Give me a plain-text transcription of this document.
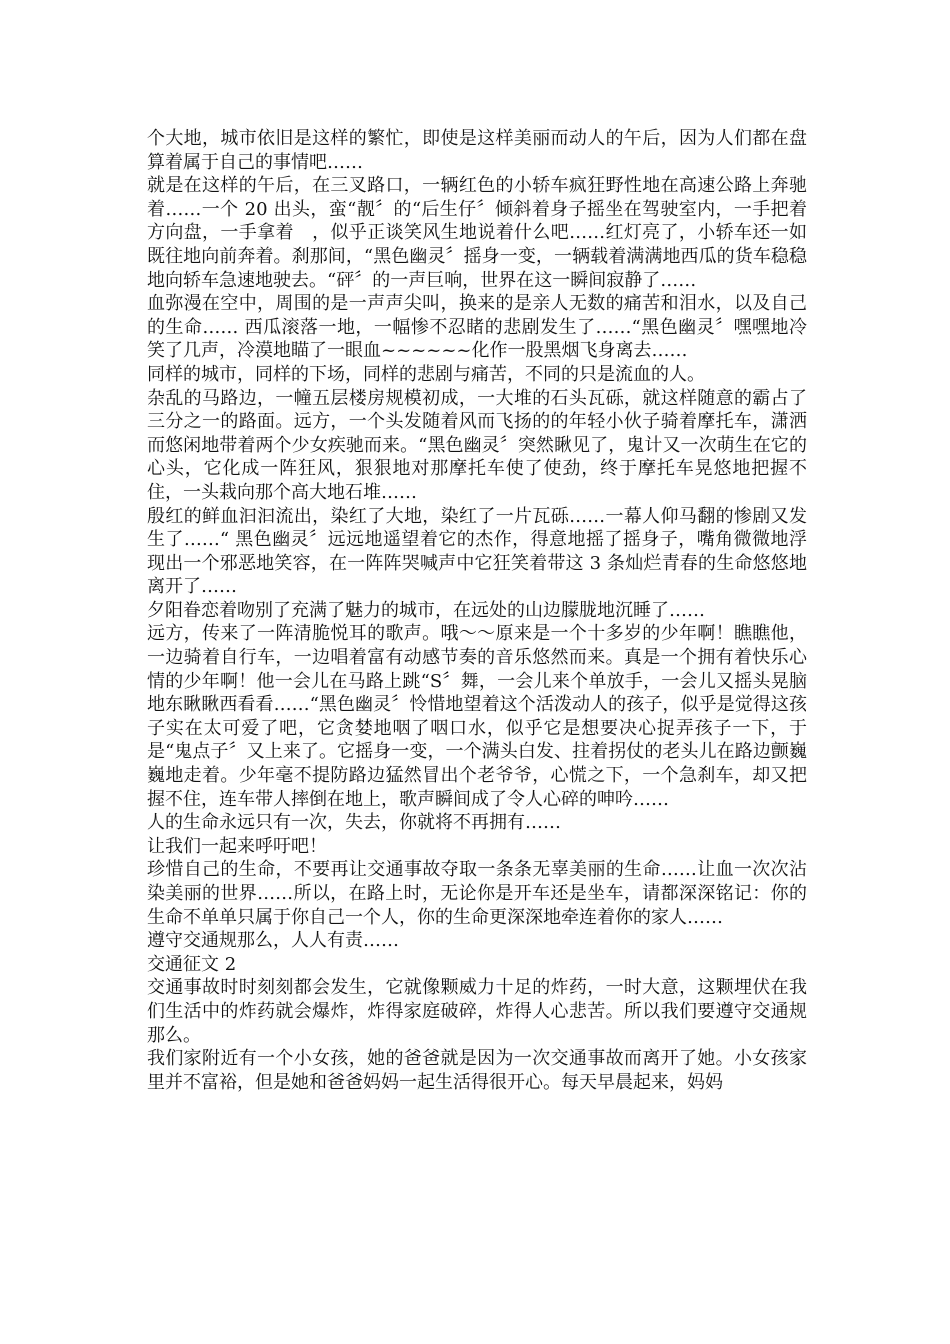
个大地，城市依旧是这样的繁忙，即使是这样美丽而动人的午后，因为人们都在盘算着属于自己的事情吧……

就是在这样的午后，在三叉路口，一辆红色的小轿车疯狂野性地在高速公路上奔驰着……一个 20 出头，蛮“靓〞的“后生仔〞倾斜着身子摇坐在驾驶室内，一手把着方向盘，一手拿着　，似乎正谈笑风生地说着什么吧……红灯亮了，小轿车还一如既往地向前奔着。刹那间，“黑色幽灵〞摇身一变，一辆载着满满地西瓜的货车稳稳地向轿车急速地驶去。“砰〞的一声巨响，世界在这一瞬间寂静了……

血弥漫在空中，周围的是一声声尖叫，换来的是亲人无数的痛苦和泪水，以及自己的生命…… 西瓜滚落一地，一幅惨不忍睹的悲剧发生了……“黑色幽灵〞嘿嘿地冷笑了几声，冷漠地瞄了一眼血~~~~~~化作一股黑烟飞身离去……

同样的城市，同样的下场，同样的悲剧与痛苦，不同的只是流血的人。

杂乱的马路边，一幢五层楼房规模初成，一大堆的石头瓦砾，就这样随意的霸占了三分之一的路面。远方，一个头发随着风而飞扬的的年轻小伙子骑着摩托车，潇洒而悠闲地带着两个少女疾驰而来。“黑色幽灵〞突然瞅见了，鬼计又一次萌生在它的心头，它化成一阵狂风，狠狠地对那摩托车使了使劲，终于摩托车晃悠地把握不住，一头栽向那个高大地石堆……

殷红的鲜血汩汩流出，染红了大地，染红了一片瓦砾……一幕人仰马翻的惨剧又发生了……“ 黑色幽灵〞远远地遥望着它的杰作，得意地摇了摇身子，嘴角微微地浮现出一个邪恶地笑容，在一阵阵哭喊声中它狂笑着带这 3 条灿烂青春的生命悠悠地离开了……

夕阳眷恋着吻别了充满了魅力的城市，在远处的山边朦胧地沉睡了……

远方，传来了一阵清脆悦耳的歌声。哦～～原来是一个十多岁的少年啊！瞧瞧他，一边骑着自行车，一边唱着富有动感节奏的音乐悠然而来。真是一个拥有着快乐心情的少年啊！他一会儿在马路上跳“S〞舞，一会儿来个单放手，一会儿又摇头晃脑地东瞅瞅西看看……“黑色幽灵〞怜惜地望着这个活泼动人的孩子，似乎是觉得这孩子实在太可爱了吧，它贪婪地咽了咽口水，似乎它是想要决心捉弄孩子一下，于是“鬼点子〞又上来了。它摇身一变，一个满头白发、拄着拐仗的老头儿在路边颤巍巍地走着。少年毫不提防路边猛然冒出个老爷爷，心慌之下，一个急刹车，却又把握不住，连车带人摔倒在地上，歌声瞬间成了令人心碎的呻吟……

人的生命永远只有一次，失去，你就将不再拥有……

让我们一起来呼吁吧！

珍惜自己的生命，不要再让交通事故夺取一条条无辜美丽的生命……让血一次次沾染美丽的世界……所以，在路上时，无论你是开车还是坐车，请都深深铭记：你的生命不单单只属于你自己一个人，你的生命更深深地牵连着你的家人……

遵守交通规那么，人人有责……

交通征文 2

交通事故时时刻刻都会发生，它就像颗威力十足的炸药，一时大意，这颗埋伏在我们生活中的炸药就会爆炸，炸得家庭破碎，炸得人心悲苦。所以我们要遵守交通规那么。

我们家附近有一个小女孩，她的爸爸就是因为一次交通事故而离开了她。小女孩家里并不富裕，但是她和爸爸妈妈一起生活得很开心。每天早晨起来，妈妈
